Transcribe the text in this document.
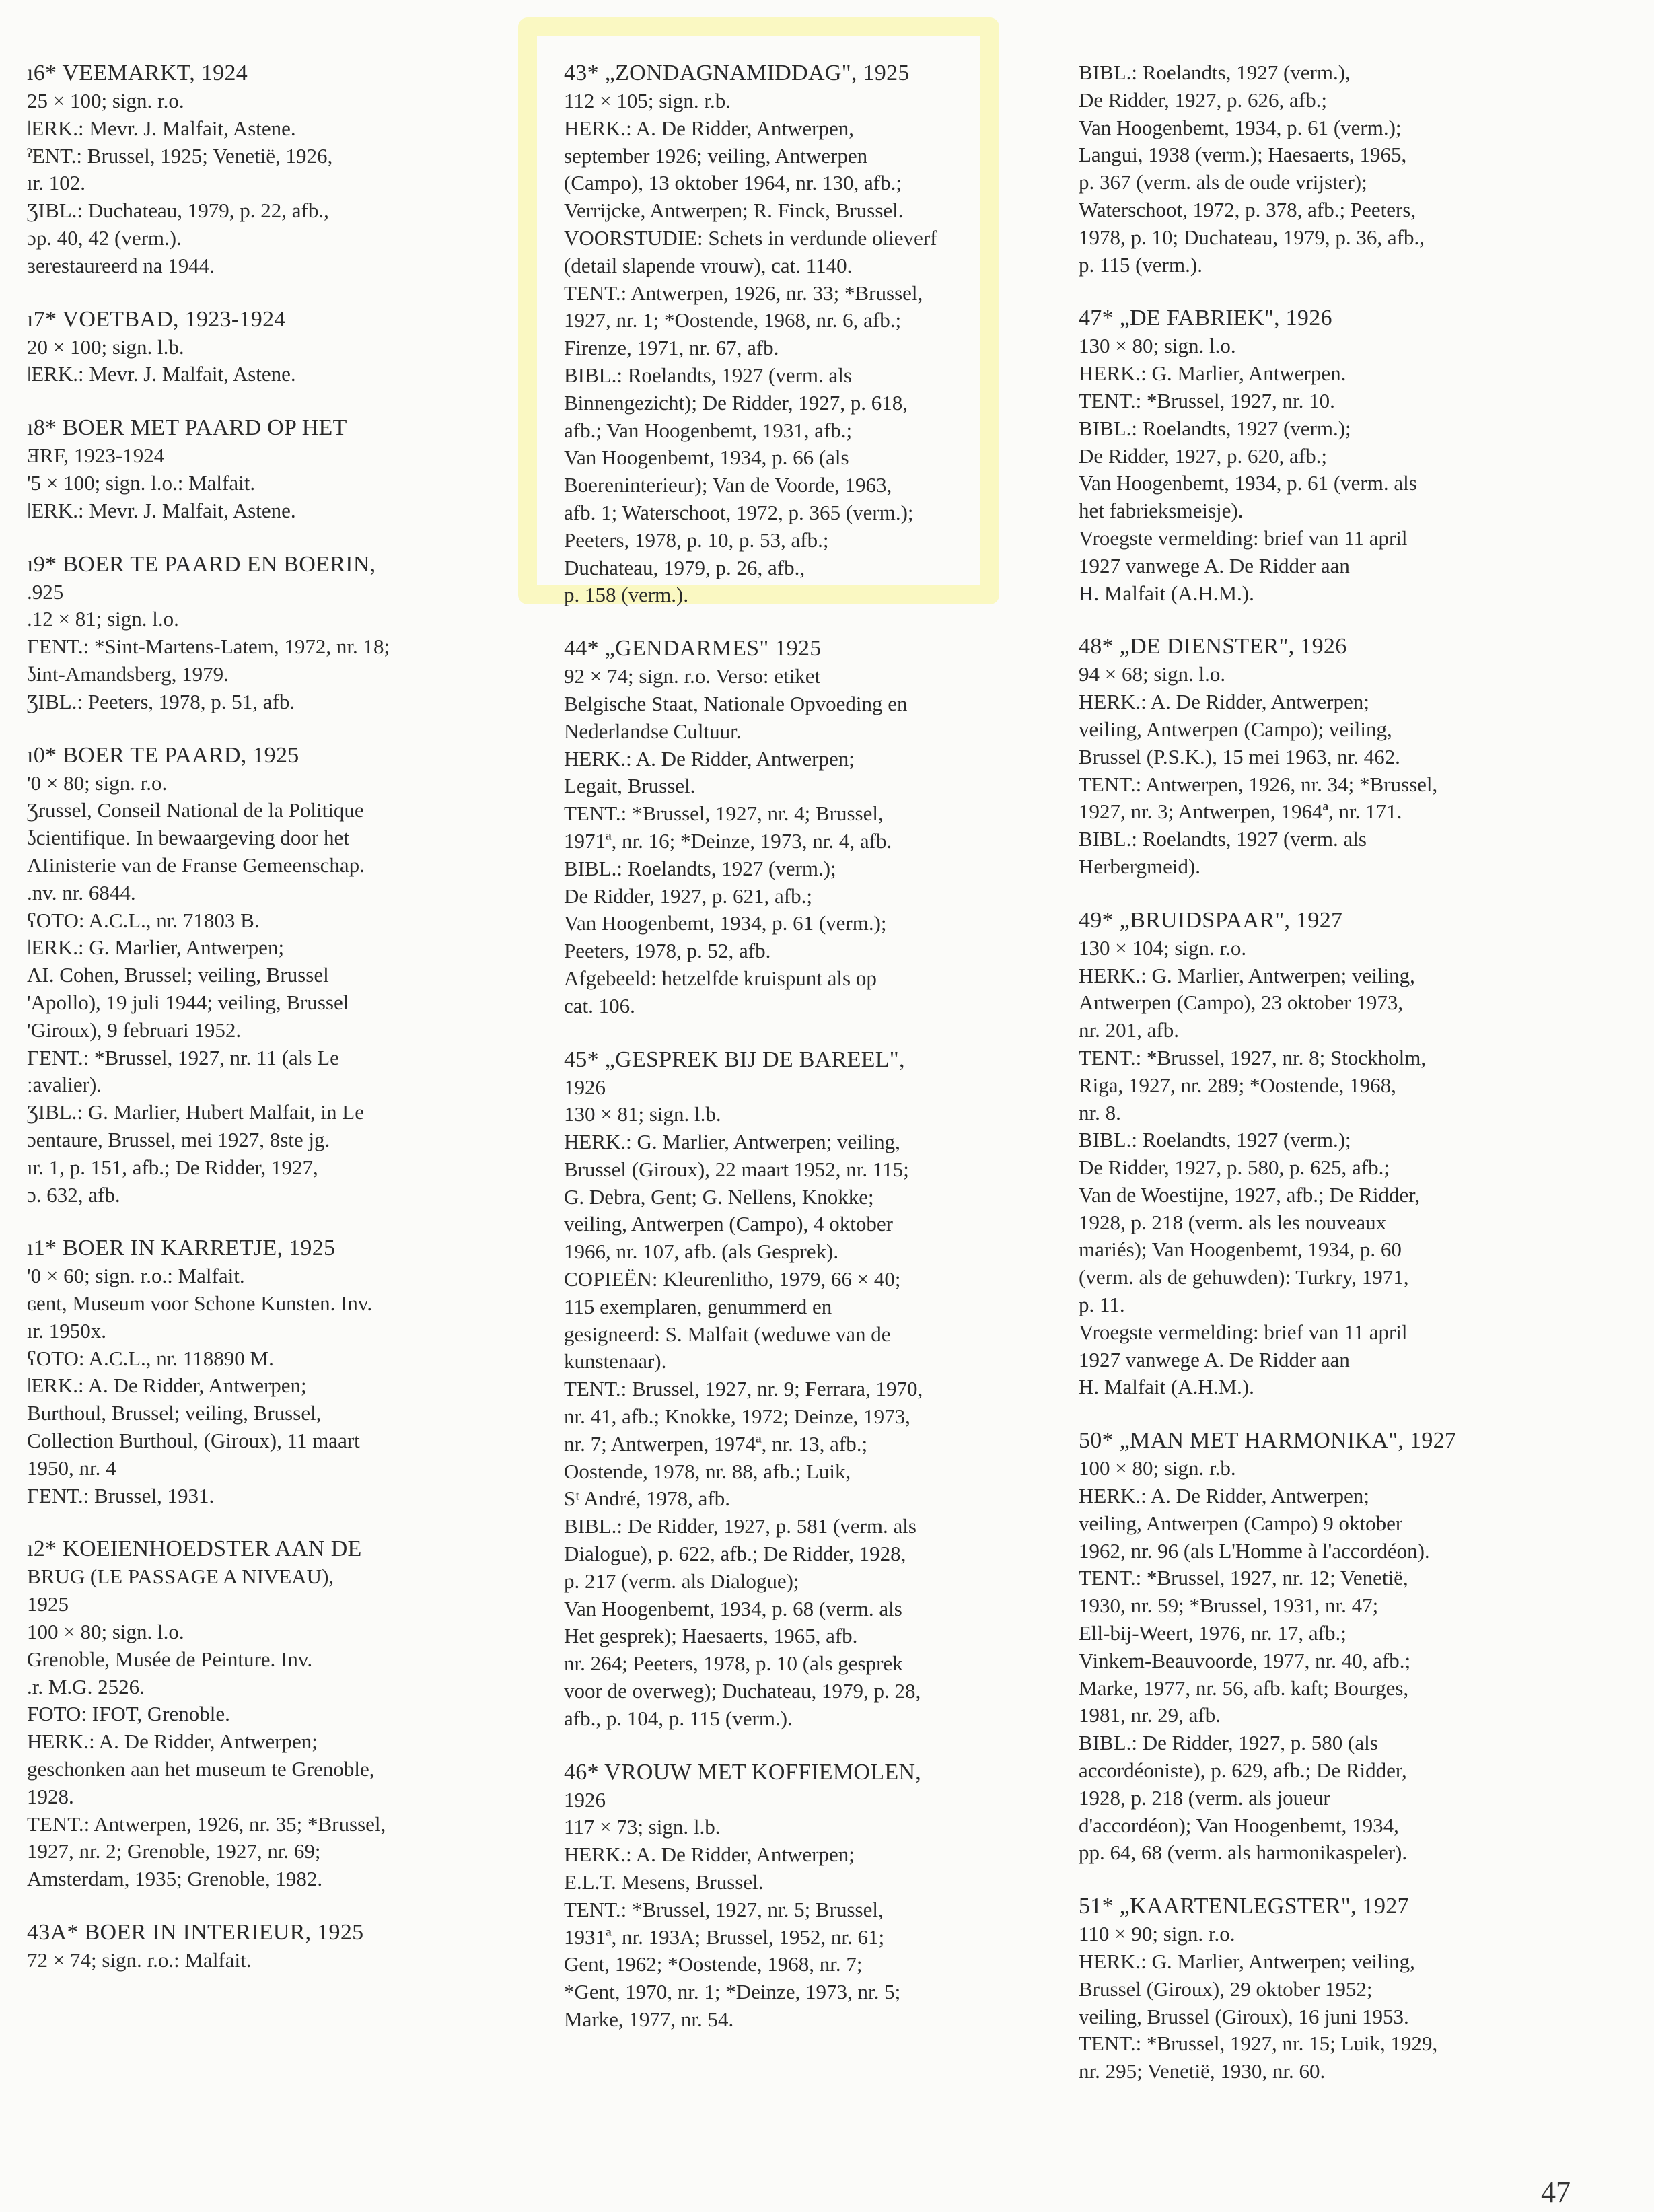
ı6* VEEMARKT, 1924
25 × 100; sign. r.o.
ǀERK.: Mevr. J. Malfait, Astene.
ˀENT.: Brussel, 1925; Venetië, 1926,
ır. 102.
ƷIBL.: Duchateau, 1979, p. 22, afb.,
ɔp. 40, 42 (verm.).
ɜerestaureerd na 1944.
ı7* VOETBAD, 1923-1924
20 × 100; sign. l.b.
ǀERK.: Mevr. J. Malfait, Astene.
ı8* BOER MET PAARD OP HET
ƎRF, 1923-1924
'5 × 100; sign. l.o.: Malfait.
ǀERK.: Mevr. J. Malfait, Astene.
ı9* BOER TE PAARD EN BOERIN,
.925
.12 × 81; sign. l.o.
ΓENT.: *Sint-Martens-Latem, 1972, nr. 18;
ʖint-Amandsberg, 1979.
ƷIBL.: Peeters, 1978, p. 51, afb.
ı0* BOER TE PAARD, 1925
'0 × 80; sign. r.o.
Ʒrussel, Conseil National de la Politique
ʖcientifique. In bewaargeving door het
ɅIinisterie van de Franse Gemeenschap.
.nv. nr. 6844.
ʕOTO: A.C.L., nr. 71803 B.
ǀERK.: G. Marlier, Antwerpen;
ɅI. Cohen, Brussel; veiling, Brussel
'Apollo), 19 juli 1944; veiling, Brussel
'Giroux), 9 februari 1952.
ΓENT.: *Brussel, 1927, nr. 11 (als Le
ːavalier).
ƷIBL.: G. Marlier, Hubert Malfait, in Le
ɔentaure, Brussel, mei 1927, 8ste jg.
ır. 1, p. 151, afb.; De Ridder, 1927,
ɔ. 632, afb.
ı1* BOER IN KARRETJE, 1925
'0 × 60; sign. r.o.: Malfait.
ɢent, Museum voor Schone Kunsten. Inv.
ır. 1950x.
ʕOTO: A.C.L., nr. 118890 M.
ǀERK.: A. De Ridder, Antwerpen;
Burthoul, Brussel; veiling, Brussel,
Collection Burthoul, (Giroux), 11 maart
1950, nr. 4
ΓENT.: Brussel, 1931.
ı2* KOEIENHOEDSTER AAN DE
BRUG (LE PASSAGE A NIVEAU),
1925
100 × 80; sign. l.o.
Grenoble, Musée de Peinture. Inv.
.r. M.G. 2526.
FOTO: IFOT, Grenoble.
HERK.: A. De Ridder, Antwerpen;
geschonken aan het museum te Grenoble,
1928.
TENT.: Antwerpen, 1926, nr. 35; *Brussel,
1927, nr. 2; Grenoble, 1927, nr. 69;
Amsterdam, 1935; Grenoble, 1982.
43A* BOER IN INTERIEUR, 1925
72 × 74; sign. r.o.: Malfait.
43* „ZONDAGNAMIDDAG", 1925
112 × 105; sign. r.b.
HERK.: A. De Ridder, Antwerpen,
september 1926; veiling, Antwerpen
(Campo), 13 oktober 1964, nr. 130, afb.;
Verrijcke, Antwerpen; R. Finck, Brussel.
VOORSTUDIE: Schets in verdunde olieverf
(detail slapende vrouw), cat. 1140.
TENT.: Antwerpen, 1926, nr. 33; *Brussel,
1927, nr. 1; *Oostende, 1968, nr. 6, afb.;
Firenze, 1971, nr. 67, afb.
BIBL.: Roelandts, 1927 (verm. als
Binnengezicht); De Ridder, 1927, p. 618,
afb.; Van Hoogenbemt, 1931, afb.;
Van Hoogenbemt, 1934, p. 66 (als
Boereninterieur); Van de Voorde, 1963,
afb. 1; Waterschoot, 1972, p. 365 (verm.);
Peeters, 1978, p. 10, p. 53, afb.;
Duchateau, 1979, p. 26, afb.,
p. 158 (verm.).
44* „GENDARMES" 1925
92 × 74; sign. r.o. Verso: etiket
Belgische Staat, Nationale Opvoeding en
Nederlandse Cultuur.
HERK.: A. De Ridder, Antwerpen;
Legait, Brussel.
TENT.: *Brussel, 1927, nr. 4; Brussel,
1971ª, nr. 16; *Deinze, 1973, nr. 4, afb.
BIBL.: Roelandts, 1927 (verm.);
De Ridder, 1927, p. 621, afb.;
Van Hoogenbemt, 1934, p. 61 (verm.);
Peeters, 1978, p. 52, afb.
Afgebeeld: hetzelfde kruispunt als op
cat. 106.
45* „GESPREK BIJ DE BAREEL",
1926
130 × 81; sign. l.b.
HERK.: G. Marlier, Antwerpen; veiling,
Brussel (Giroux), 22 maart 1952, nr. 115;
G. Debra, Gent; G. Nellens, Knokke;
veiling, Antwerpen (Campo), 4 oktober
1966, nr. 107, afb. (als Gesprek).
COPIEËN: Kleurenlitho, 1979, 66 × 40;
115 exemplaren, genummerd en
gesigneerd: S. Malfait (weduwe van de
kunstenaar).
TENT.: Brussel, 1927, nr. 9; Ferrara, 1970,
nr. 41, afb.; Knokke, 1972; Deinze, 1973,
nr. 7; Antwerpen, 1974ª, nr. 13, afb.;
Oostende, 1978, nr. 88, afb.; Luik,
Sᵗ André, 1978, afb.
BIBL.: De Ridder, 1927, p. 581 (verm. als
Dialogue), p. 622, afb.; De Ridder, 1928,
p. 217 (verm. als Dialogue);
Van Hoogenbemt, 1934, p. 68 (verm. als
Het gesprek); Haesaerts, 1965, afb.
nr. 264; Peeters, 1978, p. 10 (als gesprek
voor de overweg); Duchateau, 1979, p. 28,
afb., p. 104, p. 115 (verm.).
46* VROUW MET KOFFIEMOLEN,
1926
117 × 73; sign. l.b.
HERK.: A. De Ridder, Antwerpen;
E.L.T. Mesens, Brussel.
TENT.: *Brussel, 1927, nr. 5; Brussel,
1931ª, nr. 193A; Brussel, 1952, nr. 61;
Gent, 1962; *Oostende, 1968, nr. 7;
*Gent, 1970, nr. 1; *Deinze, 1973, nr. 5;
Marke, 1977, nr. 54.
BIBL.: Roelandts, 1927 (verm.),
De Ridder, 1927, p. 626, afb.;
Van Hoogenbemt, 1934, p. 61 (verm.);
Langui, 1938 (verm.); Haesaerts, 1965,
p. 367 (verm. als de oude vrijster);
Waterschoot, 1972, p. 378, afb.; Peeters,
1978, p. 10; Duchateau, 1979, p. 36, afb.,
p. 115 (verm.).
47* „DE FABRIEK", 1926
130 × 80; sign. l.o.
HERK.: G. Marlier, Antwerpen.
TENT.: *Brussel, 1927, nr. 10.
BIBL.: Roelandts, 1927 (verm.);
De Ridder, 1927, p. 620, afb.;
Van Hoogenbemt, 1934, p. 61 (verm. als
het fabrieksmeisje).
Vroegste vermelding: brief van 11 april
1927 vanwege A. De Ridder aan
H. Malfait (A.H.M.).
48* „DE DIENSTER", 1926
94 × 68; sign. l.o.
HERK.: A. De Ridder, Antwerpen;
veiling, Antwerpen (Campo); veiling,
Brussel (P.S.K.), 15 mei 1963, nr. 462.
TENT.: Antwerpen, 1926, nr. 34; *Brussel,
1927, nr. 3; Antwerpen, 1964ª, nr. 171.
BIBL.: Roelandts, 1927 (verm. als
Herbergmeid).
49* „BRUIDSPAAR", 1927
130 × 104; sign. r.o.
HERK.: G. Marlier, Antwerpen; veiling,
Antwerpen (Campo), 23 oktober 1973,
nr. 201, afb.
TENT.: *Brussel, 1927, nr. 8; Stockholm,
Riga, 1927, nr. 289; *Oostende, 1968,
nr. 8.
BIBL.: Roelandts, 1927 (verm.);
De Ridder, 1927, p. 580, p. 625, afb.;
Van de Woestijne, 1927, afb.; De Ridder,
1928, p. 218 (verm. als les nouveaux
mariés); Van Hoogenbemt, 1934, p. 60
(verm. als de gehuwden): Turkry, 1971,
p. 11.
Vroegste vermelding: brief van 11 april
1927 vanwege A. De Ridder aan
H. Malfait (A.H.M.).
50* „MAN MET HARMONIKA", 1927
100 × 80; sign. r.b.
HERK.: A. De Ridder, Antwerpen;
veiling, Antwerpen (Campo) 9 oktober
1962, nr. 96 (als L'Homme à l'accordéon).
TENT.: *Brussel, 1927, nr. 12; Venetië,
1930, nr. 59; *Brussel, 1931, nr. 47;
Ell-bij-Weert, 1976, nr. 17, afb.;
Vinkem-Beauvoorde, 1977, nr. 40, afb.;
Marke, 1977, nr. 56, afb. kaft; Bourges,
1981, nr. 29, afb.
BIBL.: De Ridder, 1927, p. 580 (als
accordéoniste), p. 629, afb.; De Ridder,
1928, p. 218 (verm. als joueur
d'accordéon); Van Hoogenbemt, 1934,
pp. 64, 68 (verm. als harmonikaspeler).
51* „KAARTENLEGSTER", 1927
110 × 90; sign. r.o.
HERK.: G. Marlier, Antwerpen; veiling,
Brussel (Giroux), 29 oktober 1952;
veiling, Brussel (Giroux), 16 juni 1953.
TENT.: *Brussel, 1927, nr. 15; Luik, 1929,
nr. 295; Venetië, 1930, nr. 60.
47
